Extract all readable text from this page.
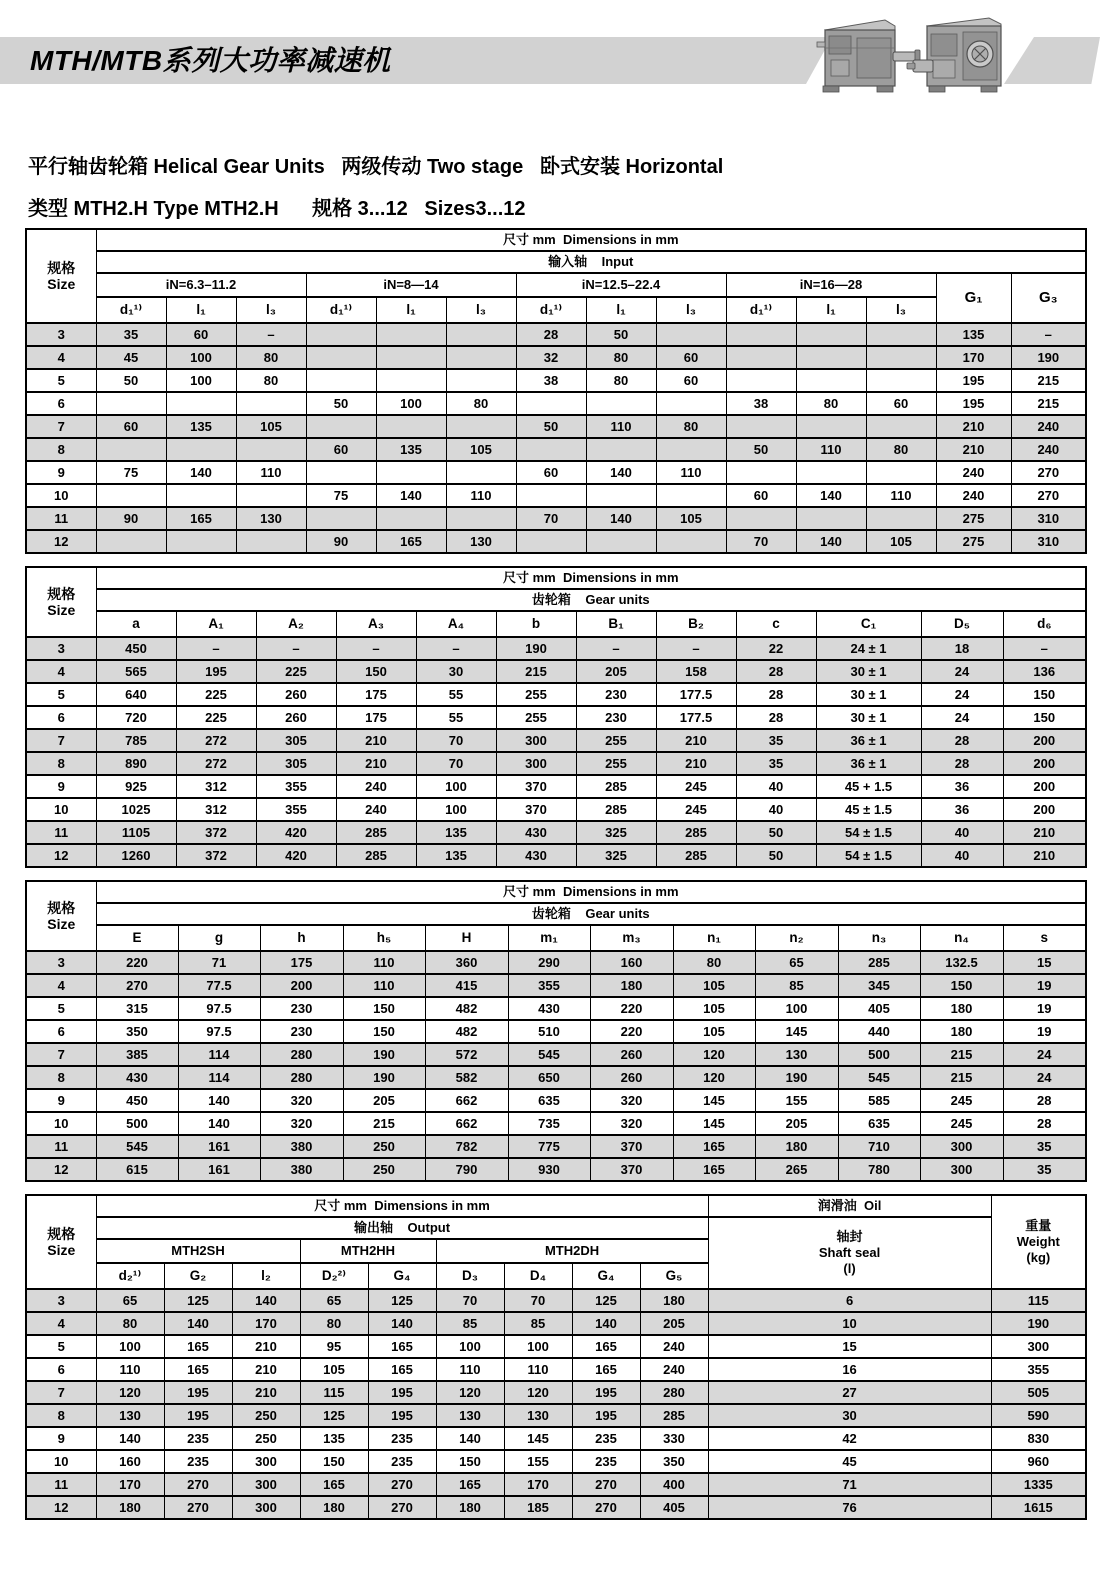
MTH/MTB系列大功率减速机
平行轴齿轮箱 Helical Gear Units   两级传动 Two stage   卧式安装 Horizontal
类型 MTH2.H Type MTH2.H      规格 3...12   Sizes3...12
规格
Size	尺寸 mm  Dimensions in mm													
	输入轴    Input													
	iN=6.3–11.2			iN=8—14			iN=12.5–22.4			iN=16—28			G₁	G₃
	d₁¹⁾	l₁	l₃	d₁¹⁾	l₁	l₃	d₁¹⁾	l₁	l₃	d₁¹⁾	l₁	l₃		
3	35	60	–				28	50					135	–
4	45	100	80				32	80	60				170	190
5	50	100	80				38	80	60				195	215
6				50	100	80				38	80	60	195	215
7	60	135	105				50	110	80				210	240
8				60	135	105				50	110	80	210	240
9	75	140	110				60	140	110				240	270
10				75	140	110				60	140	110	240	270
11	90	165	130				70	140	105				275	310
12				90	165	130				70	140	105	275	310
规格
Size	尺寸 mm  Dimensions in mm											
	齿轮箱    Gear units											
	a	A₁	A₂	A₃	A₄	b	B₁	B₂	c	C₁	D₅	d₆
3	450	–	–	–	–	190	–	–	22	24 ± 1	18	–
4	565	195	225	150	30	215	205	158	28	30 ± 1	24	136
5	640	225	260	175	55	255	230	177.5	28	30 ± 1	24	150
6	720	225	260	175	55	255	230	177.5	28	30 ± 1	24	150
7	785	272	305	210	70	300	255	210	35	36 ± 1	28	200
8	890	272	305	210	70	300	255	210	35	36 ± 1	28	200
9	925	312	355	240	100	370	285	245	40	45 + 1.5	36	200
10	1025	312	355	240	100	370	285	245	40	45 ± 1.5	36	200
11	1105	372	420	285	135	430	325	285	50	54 ± 1.5	40	210
12	1260	372	420	285	135	430	325	285	50	54 ± 1.5	40	210
规格
Size	尺寸 mm  Dimensions in mm											
	齿轮箱    Gear units											
	E	g	h	h₅	H	m₁	m₃	n₁	n₂	n₃	n₄	s
3	220	71	175	110	360	290	160	80	65	285	132.5	15
4	270	77.5	200	110	415	355	180	105	85	345	150	19
5	315	97.5	230	150	482	430	220	105	100	405	180	19
6	350	97.5	230	150	482	510	220	105	145	440	180	19
7	385	114	280	190	572	545	260	120	130	500	215	24
8	430	114	280	190	582	650	260	120	190	545	215	24
9	450	140	320	205	662	635	320	145	155	585	245	28
10	500	140	320	215	662	735	320	145	205	635	245	28
11	545	161	380	250	782	775	370	165	180	710	300	35
12	615	161	380	250	790	930	370	165	265	780	300	35
规格
Size
	尺寸 mm  Dimensions in mm	润滑油  Oil	
重量
Weight
(kg)

	输出轴    Output									轴封
Shaft seal
(l)	

	MTH2SH			MTH2HH		MTH2DH					
	d₂¹⁾	G₂	l₂	D₂²⁾	G₄	D₃	D₄	G₄	G₅		
3	65	125	140	65	125	70	70	125	180	6	115
4	80	140	170	80	140	85	85	140	205	10	190
5	100	165	210	95	165	100	100	165	240	15	300
6	110	165	210	105	165	110	110	165	240	16	355
7	120	195	210	115	195	120	120	195	280	27	505
8	130	195	250	125	195	130	130	195	285	30	590
9	140	235	250	135	235	140	145	235	330	42	830
10	160	235	300	150	235	150	155	235	350	45	960
11	170	270	300	165	270	165	170	270	400	71	1335
12	180	270	300	180	270	180	185	270	405	76	1615
